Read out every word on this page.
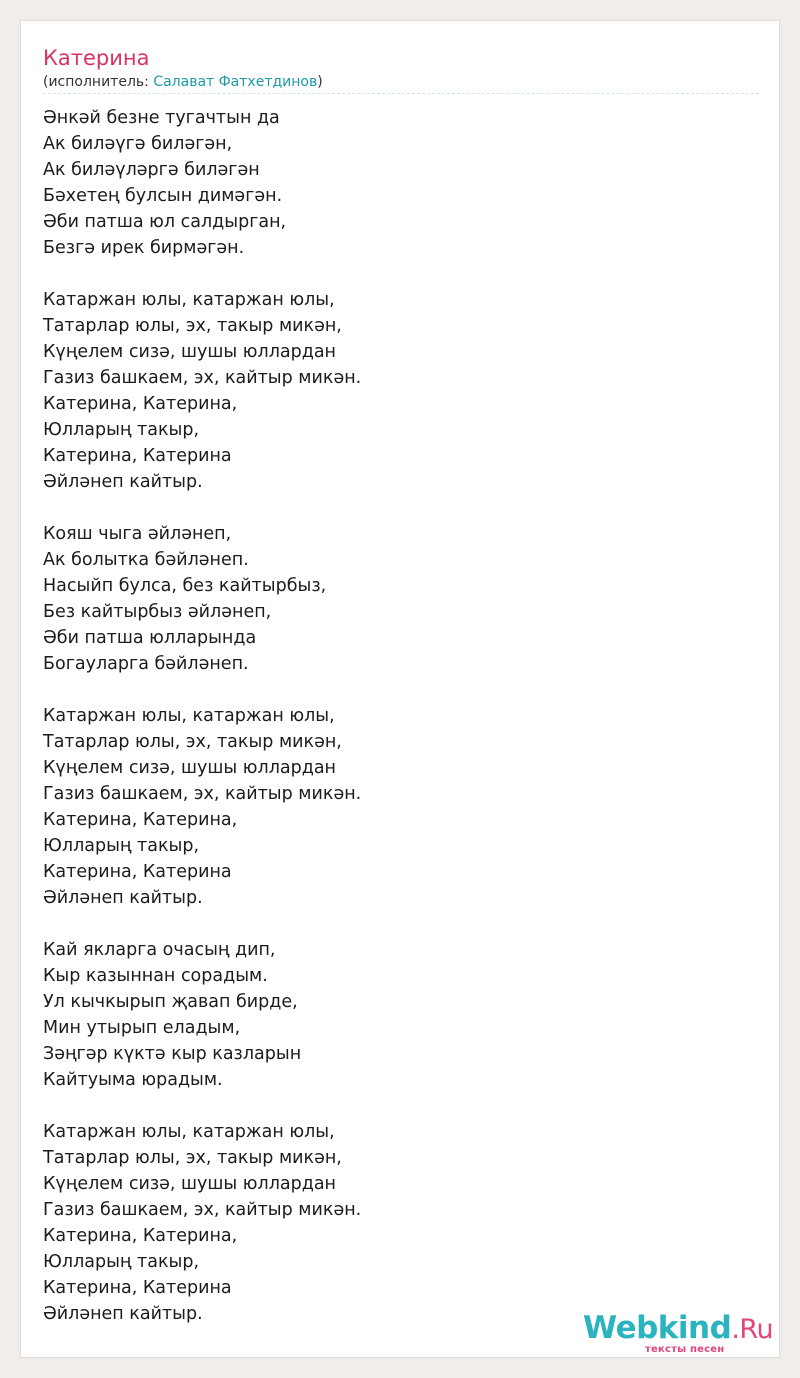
Катерина
(исполнитель: Салават Фатхетдинов)
Әнкәй безне тугачтын да
Ак биләүгә биләгән,
Ак биләүләргә биләгән
Бәхетең булсын димәгән.
Әби патша юл салдырган,
Безгә ирек бирмәгән.
Катаржан юлы, катаржан юлы,
Татарлар юлы, эх, такыр микән,
Күңелем сизә, шушы юллардан
Газиз башкаем, эх, кайтыр микән.
Катерина, Катерина,
Юлларың такыр,
Катерина, Катерина
Әйләнеп кайтыр.
Кояш чыга әйләнеп,
Ак болытка бәйләнеп.
Насыйп булса, без кайтырбыз,
Без кайтырбыз әйләнеп,
Әби патша юлларында
Богауларга бәйләнеп.
Катаржан юлы, катаржан юлы,
Татарлар юлы, эх, такыр микән,
Күңелем сизә, шушы юллардан
Газиз башкаем, эх, кайтыр микән.
Катерина, Катерина,
Юлларың такыр,
Катерина, Катерина
Әйләнеп кайтыр.
Кай якларга очасың дип,
Кыр казыннан сорадым.
Ул кычкырып җавап бирде,
Мин утырып еладым,
Зәңгәр күктә кыр казларын
Кайтуыма юрадым.
Катаржан юлы, катаржан юлы,
Татарлар юлы, эх, такыр микән,
Күңелем сизә, шушы юллардан
Газиз башкаем, эх, кайтыр микән.
Катерина, Катерина,
Юлларың такыр,
Катерина, Катерина
Әйләнеп кайтыр.	Webkind.Ru
тексты песен
